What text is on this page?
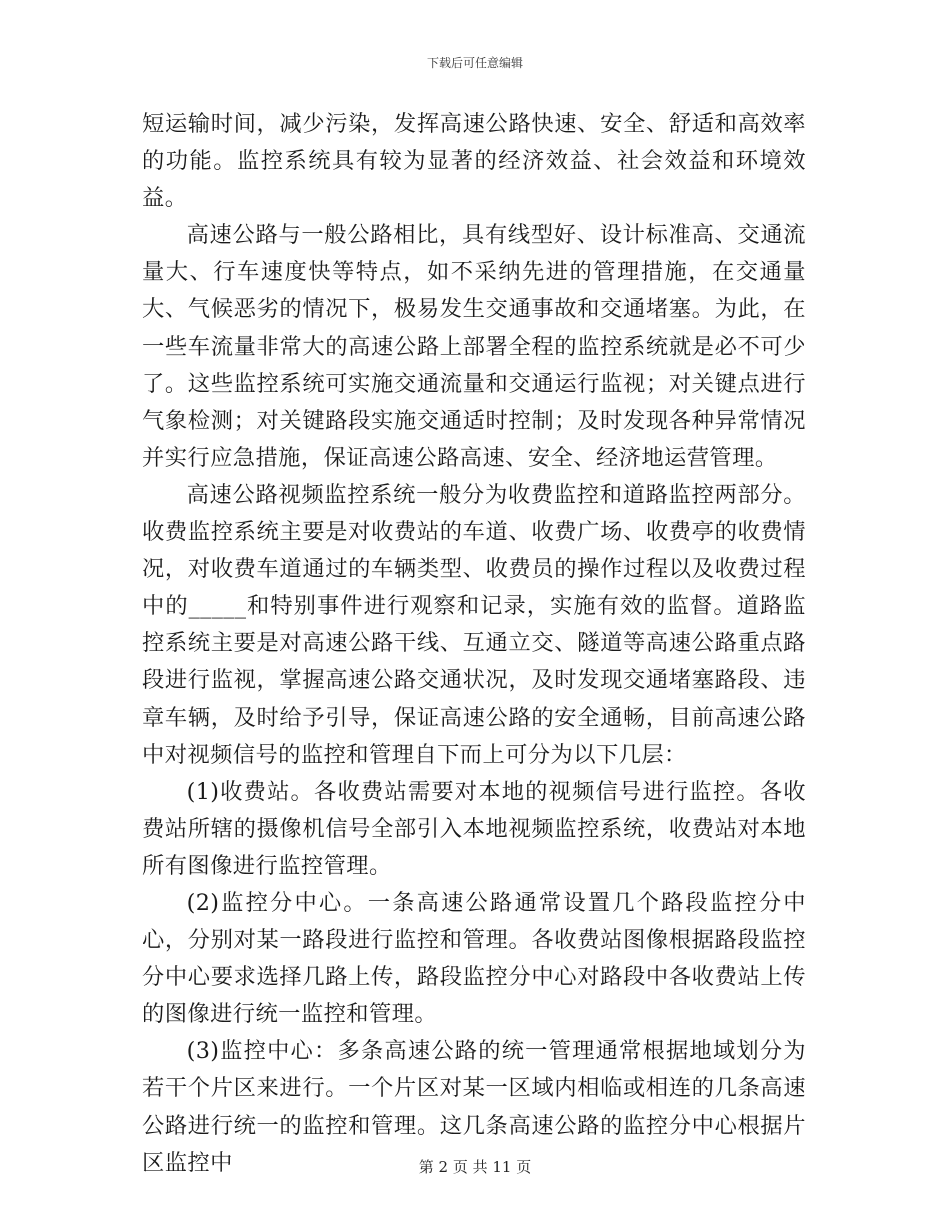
下载后可任意编辑

短运输时间，减少污染，发挥高速公路快速、安全、舒适和高效率的功能。监控系统具有较为显著的经济效益、社会效益和环境效益。

高速公路与一般公路相比，具有线型好、设计标准高、交通流量大、行车速度快等特点，如不采纳先进的管理措施，在交通量大、气候恶劣的情况下，极易发生交通事故和交通堵塞。为此，在一些车流量非常大的高速公路上部署全程的监控系统就是必不可少了。这些监控系统可实施交通流量和交通运行监视；对关键点进行气象检测；对关键路段实施交通适时控制；及时发现各种异常情况并实行应急措施，保证高速公路高速、安全、经济地运营管理。

高速公路视频监控系统一般分为收费监控和道路监控两部分。收费监控系统主要是对收费站的车道、收费广场、收费亭的收费情况，对收费车道通过的车辆类型、收费员的操作过程以及收费过程中的_____和特别事件进行观察和记录，实施有效的监督。道路监控系统主要是对高速公路干线、互通立交、隧道等高速公路重点路段进行监视，掌握高速公路交通状况，及时发现交通堵塞路段、违章车辆，及时给予引导，保证高速公路的安全通畅，目前高速公路中对视频信号的监控和管理自下而上可分为以下几层：

(1)收费站。各收费站需要对本地的视频信号进行监控。各收费站所辖的摄像机信号全部引入本地视频监控系统，收费站对本地所有图像进行监控管理。

(2)监控分中心。一条高速公路通常设置几个路段监控分中心，分别对某一路段进行监控和管理。各收费站图像根据路段监控分中心要求选择几路上传，路段监控分中心对路段中各收费站上传的图像进行统一监控和管理。

(3)监控中心：多条高速公路的统一管理通常根据地域划分为若干个片区来进行。一个片区对某一区域内相临或相连的几条高速公路进行统一的监控和管理。这几条高速公路的监控分中心根据片区监控中	第 2 页 共 11 页
